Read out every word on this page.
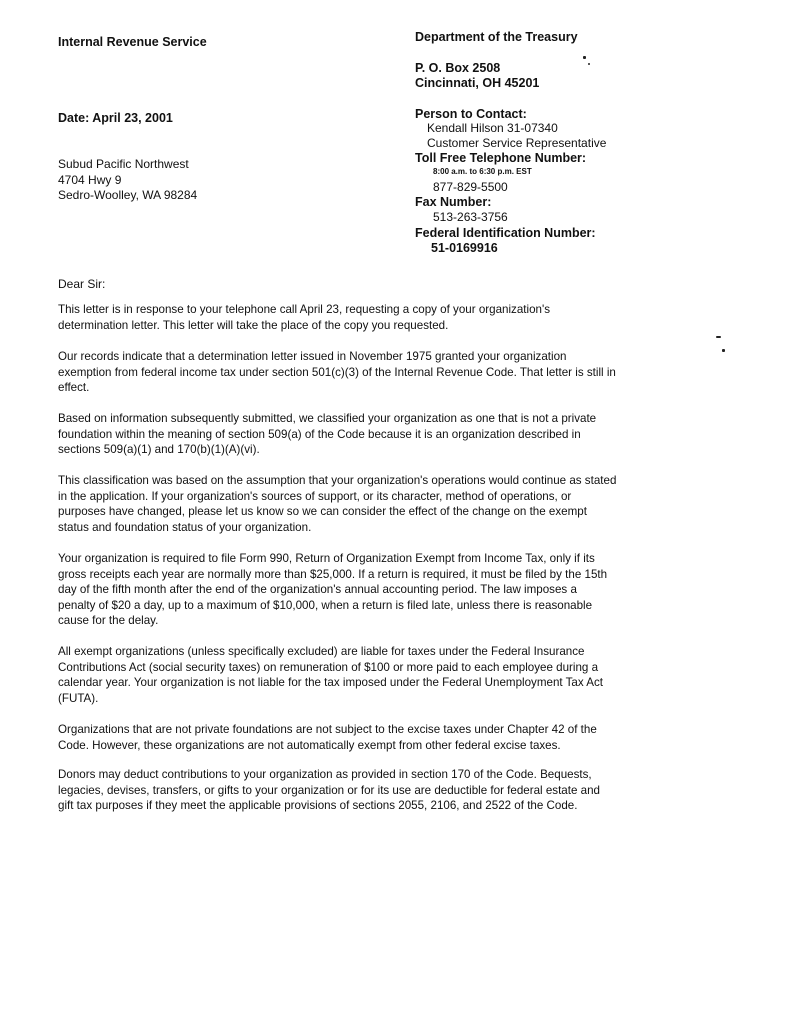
Internal Revenue Service	Department of the Treasury
P. O. Box 2508
Cincinnati, OH 45201
Date: April 23, 2001
Subud Pacific Northwest
4704 Hwy 9
Sedro-Woolley, WA 98284
Person to Contact:
Kendall Hilson 31-07340
Customer Service Representative
Toll Free Telephone Number:
8:00 a.m. to 6:30 p.m. EST
877-829-5500
Fax Number:
513-263-3756
Federal Identification Number:
51-0169916
Dear Sir:
This letter is in response to your telephone call April 23, requesting a copy of your organization's
determination letter. This letter will take the place of the copy you requested.
Our records indicate that a determination letter issued in November 1975 granted your organization
exemption from federal income tax under section 501(c)(3) of the Internal Revenue Code. That letter is still in
effect.
Based on information subsequently submitted, we classified your organization as one that is not a private
foundation within the meaning of section 509(a) of the Code because it is an organization described in
sections 509(a)(1) and 170(b)(1)(A)(vi).
This classification was based on the assumption that your organization's operations would continue as stated
in the application. If your organization's sources of support, or its character, method of operations, or
purposes have changed, please let us know so we can consider the effect of the change on the exempt
status and foundation status of your organization.
Your organization is required to file Form 990, Return of Organization Exempt from Income Tax, only if its
gross receipts each year are normally more than $25,000. If a return is required, it must be filed by the 15th
day of the fifth month after the end of the organization's annual accounting period. The law imposes a
penalty of $20 a day, up to a maximum of $10,000, when a return is filed late, unless there is reasonable
cause for the delay.
All exempt organizations (unless specifically excluded) are liable for taxes under the Federal Insurance
Contributions Act (social security taxes) on remuneration of $100 or more paid to each employee during a
calendar year. Your organization is not liable for the tax imposed under the Federal Unemployment Tax Act
(FUTA).
Organizations that are not private foundations are not subject to the excise taxes under Chapter 42 of the
Code. However, these organizations are not automatically exempt from other federal excise taxes.
Donors may deduct contributions to your organization as provided in section 170 of the Code. Bequests,
legacies, devises, transfers, or gifts to your organization or for its use are deductible for federal estate and
gift tax purposes if they meet the applicable provisions of sections 2055, 2106, and 2522 of the Code.
